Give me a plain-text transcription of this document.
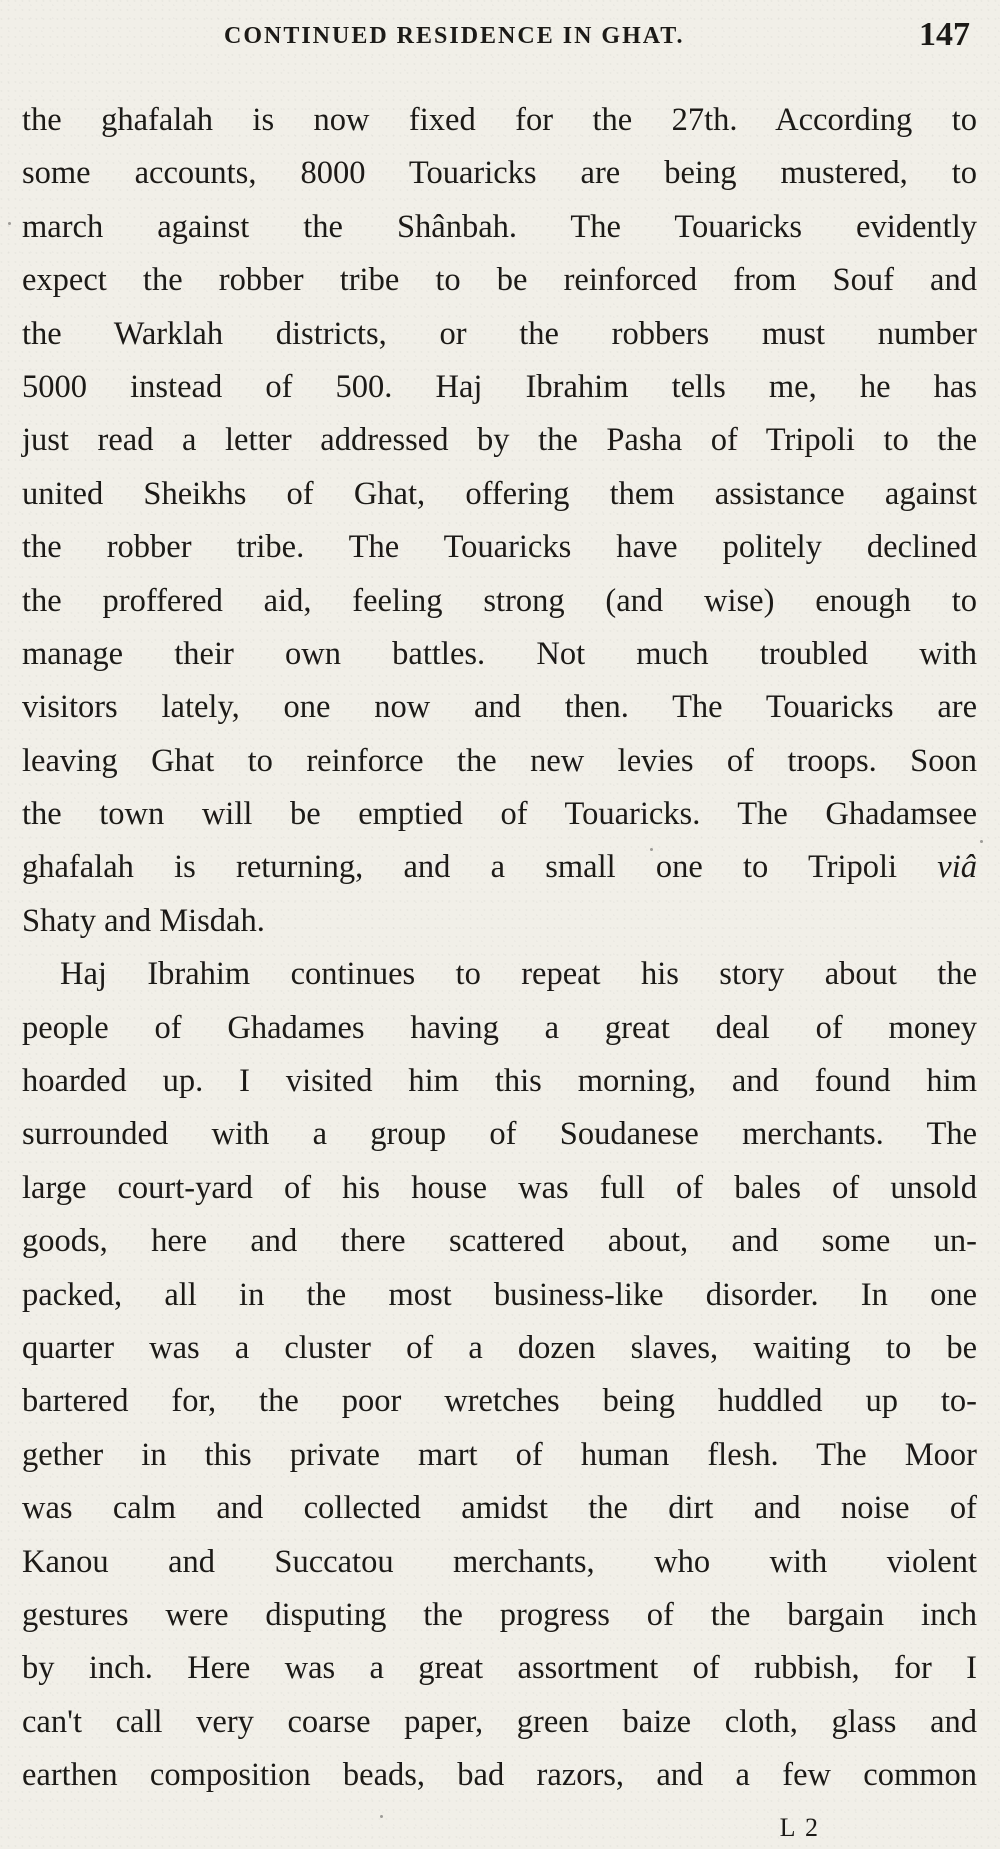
CONTINUED RESIDENCE IN GHAT.	147
the ghafalah is now fixed for the 27th. According to
some accounts, 8000 Touaricks are being mustered, to
march against the Shânbah. The Touaricks evidently
expect the robber tribe to be reinforced from Souf and
the Warklah districts, or the robbers must number
5000 instead of 500. Haj Ibrahim tells me, he has
just read a letter addressed by the Pasha of Tripoli to the
united Sheikhs of Ghat, offering them assistance against
the robber tribe. The Touaricks have politely declined
the proffered aid, feeling strong (and wise) enough to
manage their own battles. Not much troubled with
visitors lately, one now and then. The Touaricks are
leaving Ghat to reinforce the new levies of troops. Soon
the town will be emptied of Touaricks. The Ghadamsee
ghafalah is returning, and a small one to Tripoli viâ
Shaty and Misdah.
Haj Ibrahim continues to repeat his story about the
people of Ghadames having a great deal of money
hoarded up. I visited him this morning, and found him
surrounded with a group of Soudanese merchants. The
large court-yard of his house was full of bales of unsold
goods, here and there scattered about, and some un-
packed, all in the most business-like disorder. In one
quarter was a cluster of a dozen slaves, waiting to be
bartered for, the poor wretches being huddled up to-
gether in this private mart of human flesh. The Moor
was calm and collected amidst the dirt and noise of
Kanou and Succatou merchants, who with violent
gestures were disputing the progress of the bargain inch
by inch. Here was a great assortment of rubbish, for I
can't call very coarse paper, green baize cloth, glass and
earthen composition beads, bad razors, and a few common
L 2
